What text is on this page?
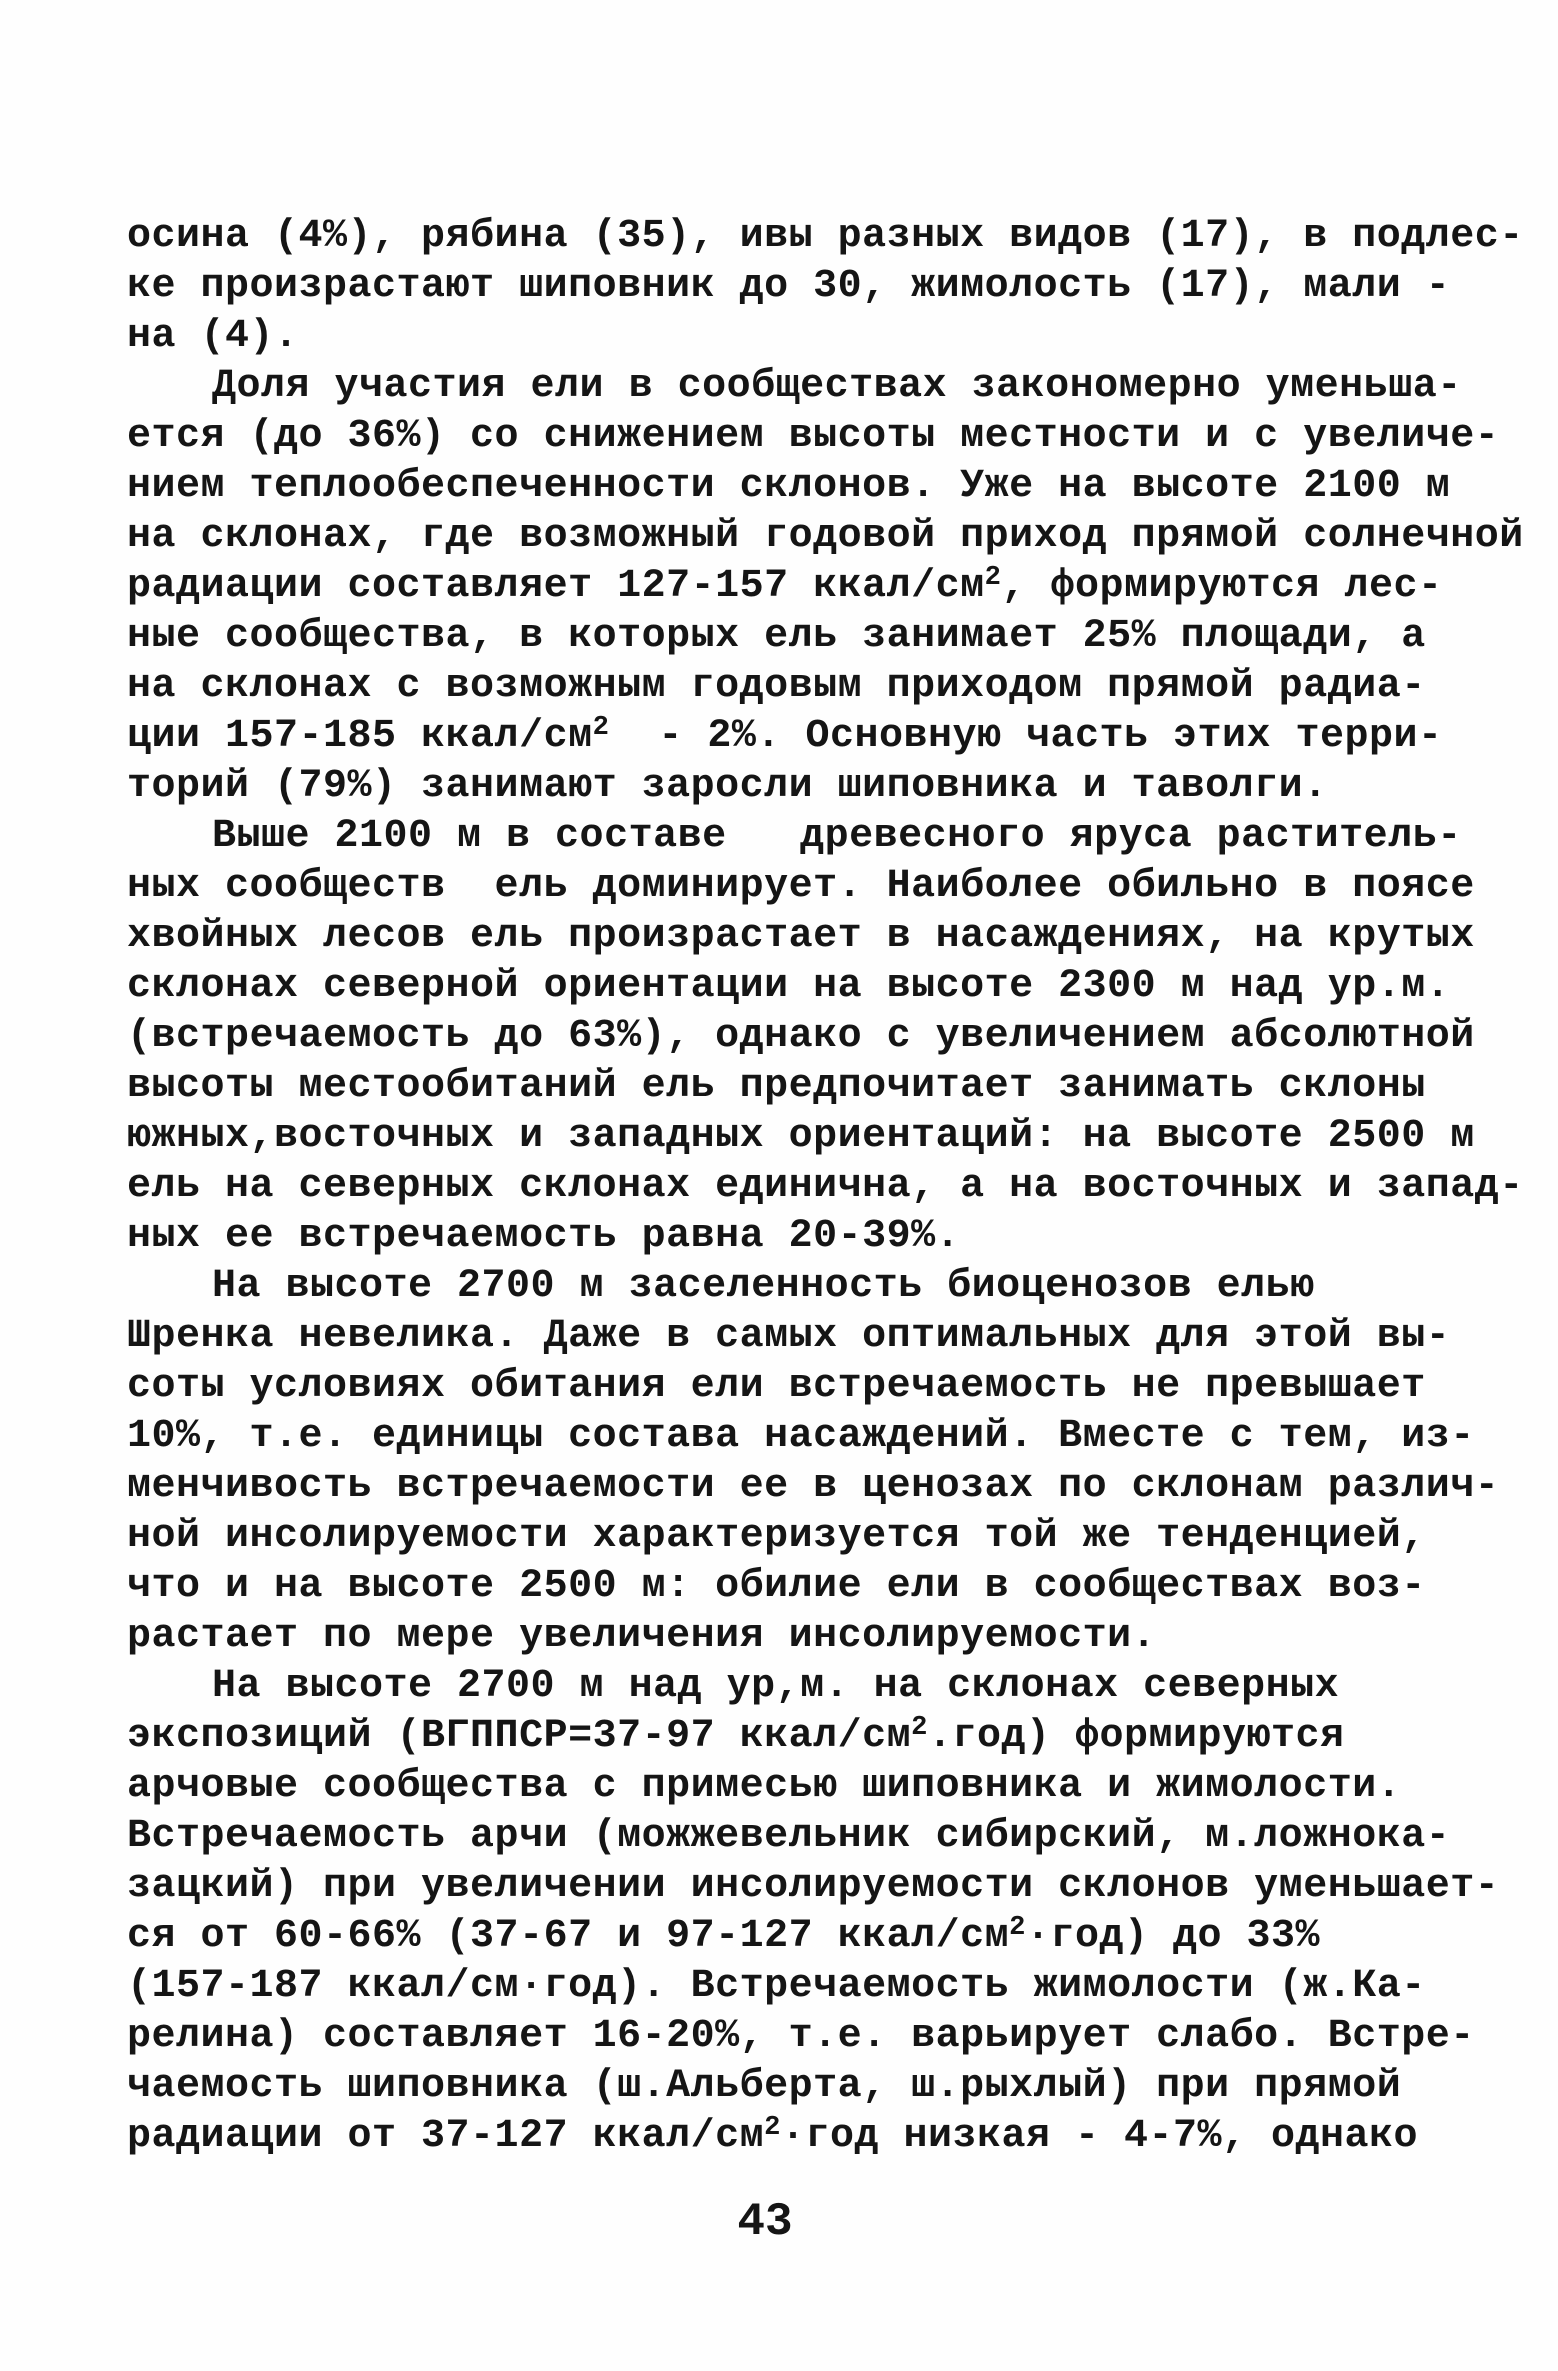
осина (4%), рябина (35), ивы разных видов (17), в подлес-
ке произрастают шиповник до 30, жимолость (17), мали -
на (4).
Доля участия ели в сообществах закономерно уменьша-
ется (до 36%) со снижением высоты местности и с увеличе-
нием теплообеспеченности склонов. Уже на высоте 2100 м
на склонах, где возможный годовой приход прямой солнечной
радиации составляет 127-157 ккал/$см^2$, формируются лес-
ные сообщества, в которых ель занимает 25% площади, а
на склонах с возможным годовым приходом прямой радиа-
ции 157-185 ккал/$см^2 - 2\%$. Основную часть этих терри-
торий (79%) занимают заросли шиповника и таволги.
Выше 2100 м в составе   древесного яруса раститель-
ных сообществ  ель доминирует. Наиболее обильно в поясе
хвойных лесов ель произрастает в насаждениях, на крутых
склонах северной ориентации на высоте 2300 м над ур.м.
(встречаемость до 63%), однако с увеличением абсолютной
высоты местообитаний ель предпочитает занимать склоны
южных,восточных и западных ориентаций: на высоте 2500 м
ель на северных склонах единична, а на восточных и запад-
ных ее встречаемость равна 20-39%.
На высоте 2700 м заселенность биоценозов елью
Шренка невелика. Даже в самых оптимальных для этой вы-
соты условиях обитания ели встречаемость не превышает
10%, т.е. единицы состава насаждений. Вместе с тем, из-
менчивость встречаемости ее в ценозах по склонам различ-
ной инсолируемости характеризуется той же тенденцией,
что и на высоте 2500 м: обилие ели в сообществах воз-
растает по мере увеличения инсолируемости.
На высоте 2700 м над ур,м. на склонах северных
экспозиций (ВГППСР=37-97 ккал/$см^2.год$) формируются
арчовые сообщества с примесью шиповника и жимолости.
Встречаемость арчи (можжевельник сибирский, м.ложнока-
зацкий) при увеличении инсолируемости склонов уменьшает-
ся от 60-66% (37-67 и 97-127 ккал/$см^2\cdot год$) до 33%
(157-187 ккал/см·год). Встречаемость жимолости (ж.Ка-
релина) составляет 16-20%, т.е. варьирует слабо. Встре-
чаемость шиповника (ш.Альберта, ш.рыхлый) при прямой
радиации от 37-127 ккал/$см^2\cdot год$ низкая - 4-7%, однако
43
